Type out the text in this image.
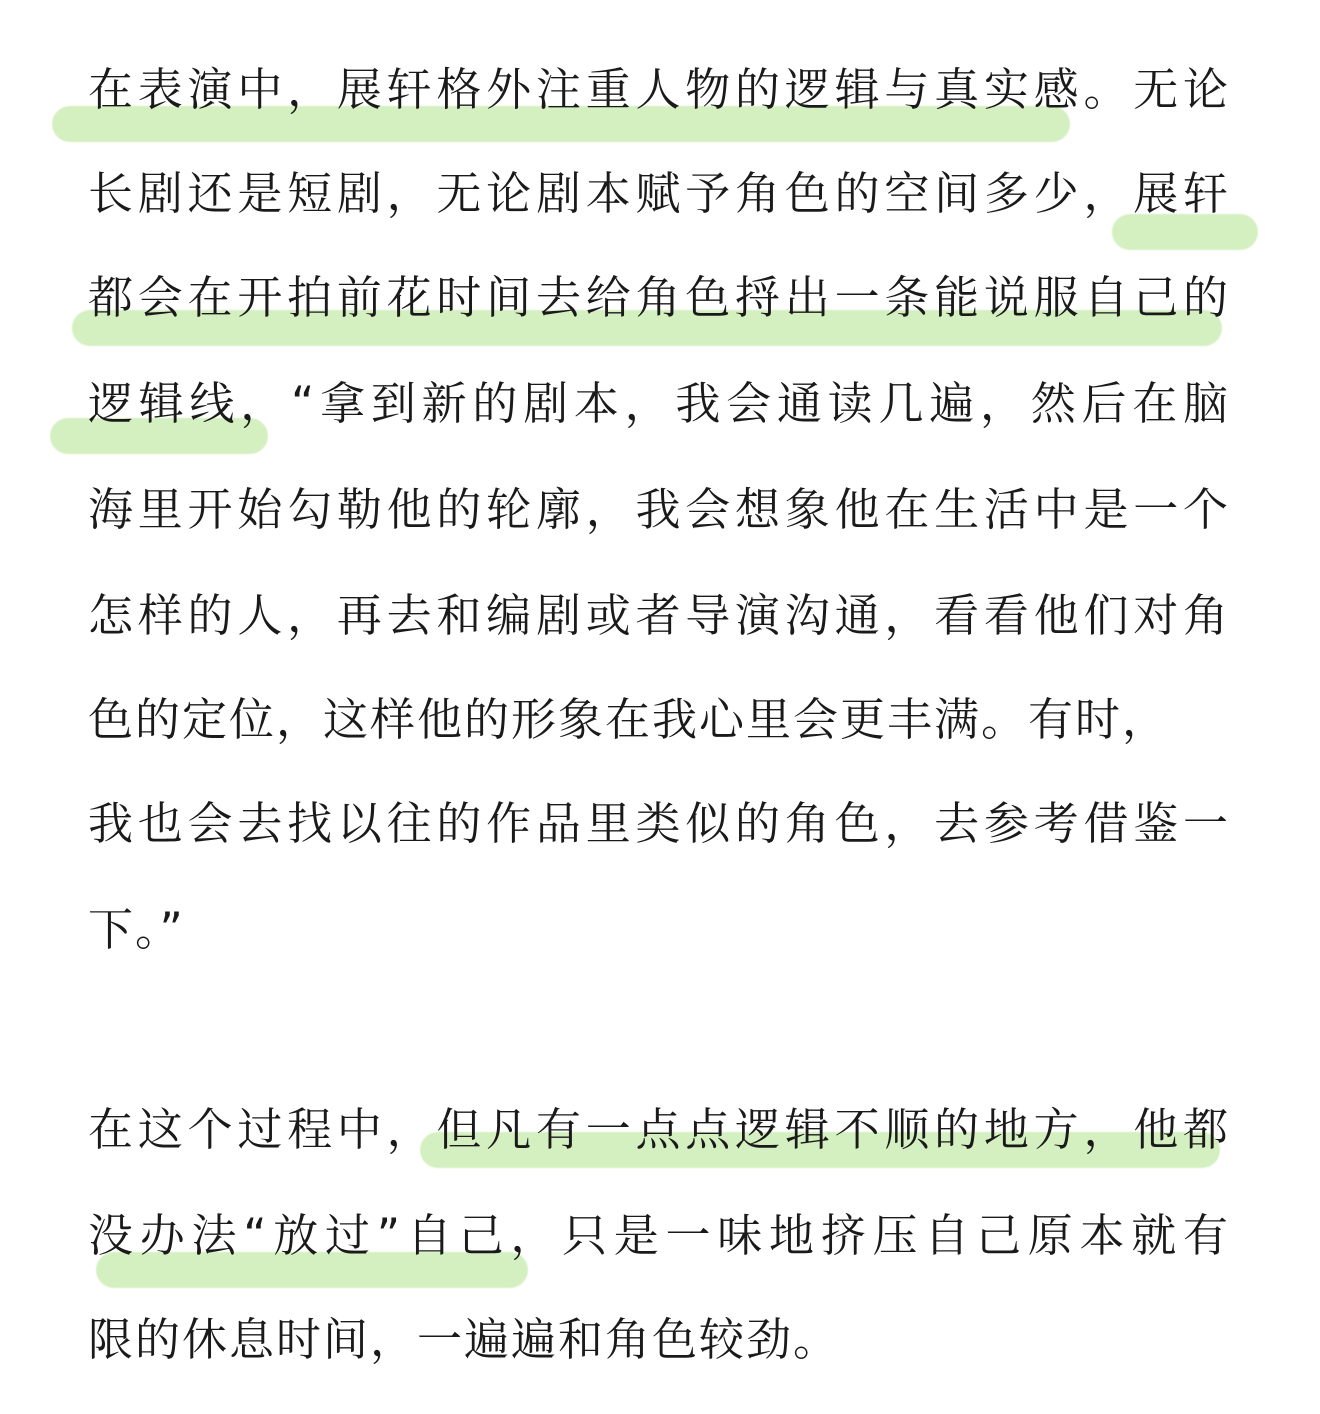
在表演中，展轩格外注重人物的逻辑与真实感。无论
长剧还是短剧，无论剧本赋予角色的空间多少，展轩
都会在开拍前花时间去给角色捋出一条能说服自己的
逻辑线，“拿到新的剧本，我会通读几遍，然后在脑
海里开始勾勒他的轮廓，我会想象他在生活中是一个
怎样的人，再去和编剧或者导演沟通，看看他们对角
色的定位，这样他的形象在我心里会更丰满。有时，
我也会去找以往的作品里类似的角色，去参考借鉴一
下。”
在这个过程中，但凡有一点点逻辑不顺的地方，他都
没办法“放过”自己，只是一味地挤压自己原本就有
限的休息时间，一遍遍和角色较劲。
